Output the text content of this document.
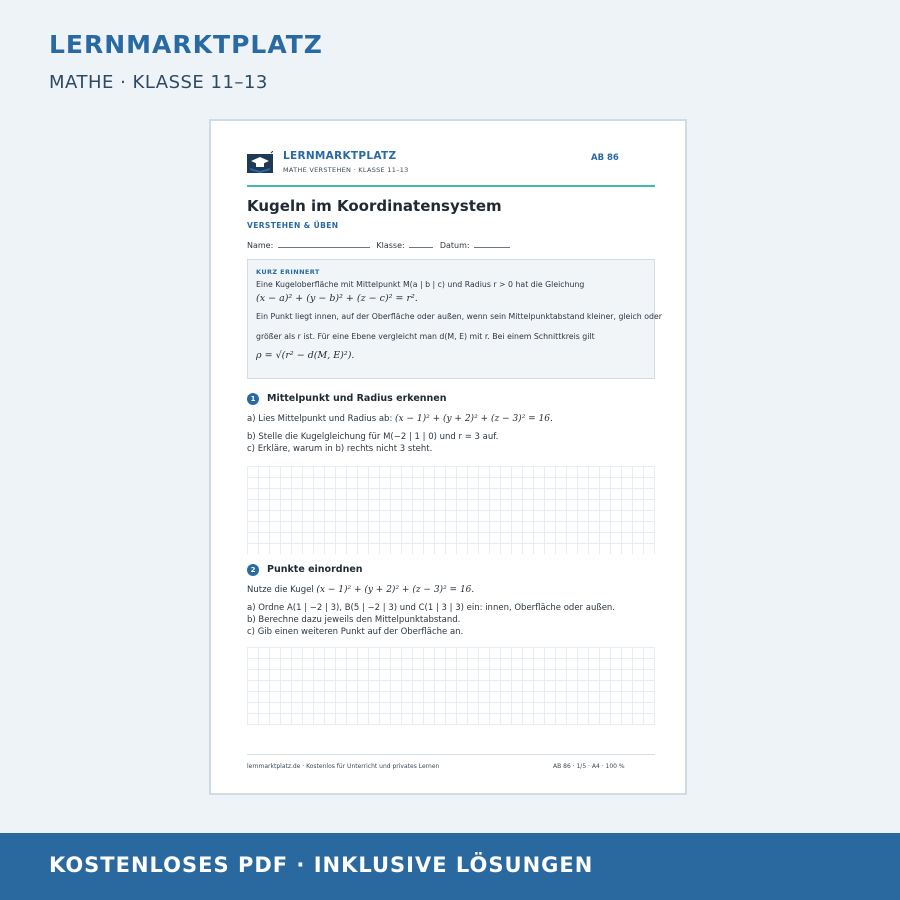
LERNMARKTPLATZ

MATHE · KLASSE 11–13

LERNMARKTPLATZ
MATHE VERSTEHEN · KLASSE 11–13
AB 86
Kugeln im Koordinatensystem
VERSTEHEN & ÜBEN
Name:	Klasse:	Datum:
KURZ ERINNERT
Eine Kugeloberfläche mit Mittelpunkt M(a | b | c) und Radius r > 0 hat die Gleichung
(x − a)² + (y − b)² + (z − c)² = r².
Ein Punkt liegt innen, auf der Oberfläche oder außen, wenn sein Mittelpunktabstand kleiner, gleich oder
größer als r ist. Für eine Ebene vergleicht man d(M, E) mit r. Bei einem Schnittkreis gilt
ρ = √(r² − d(M, E)²).
1	Mittelpunkt und Radius erkennen
a) Lies Mittelpunkt und Radius ab: (x − 1)² + (y + 2)² + (z − 3)² = 16.
b) Stelle die Kugelgleichung für M(−2 | 1 | 0) und r = 3 auf.
c) Erkläre, warum in b) rechts nicht 3 steht.
2	Punkte einordnen
Nutze die Kugel (x − 1)² + (y + 2)² + (z − 3)² = 16.
a) Ordne A(1 | −2 | 3), B(5 | −2 | 3) und C(1 | 3 | 3) ein: innen, Oberfläche oder außen.
b) Berechne dazu jeweils den Mittelpunktabstand.
c) Gib einen weiteren Punkt auf der Oberfläche an.
lernmarktplatz.de · Kostenlos für Unterricht und privates Lernen	AB 86 · 1/5 · A4 · 100 %
KOSTENLOSES PDF · INKLUSIVE LÖSUNGEN
